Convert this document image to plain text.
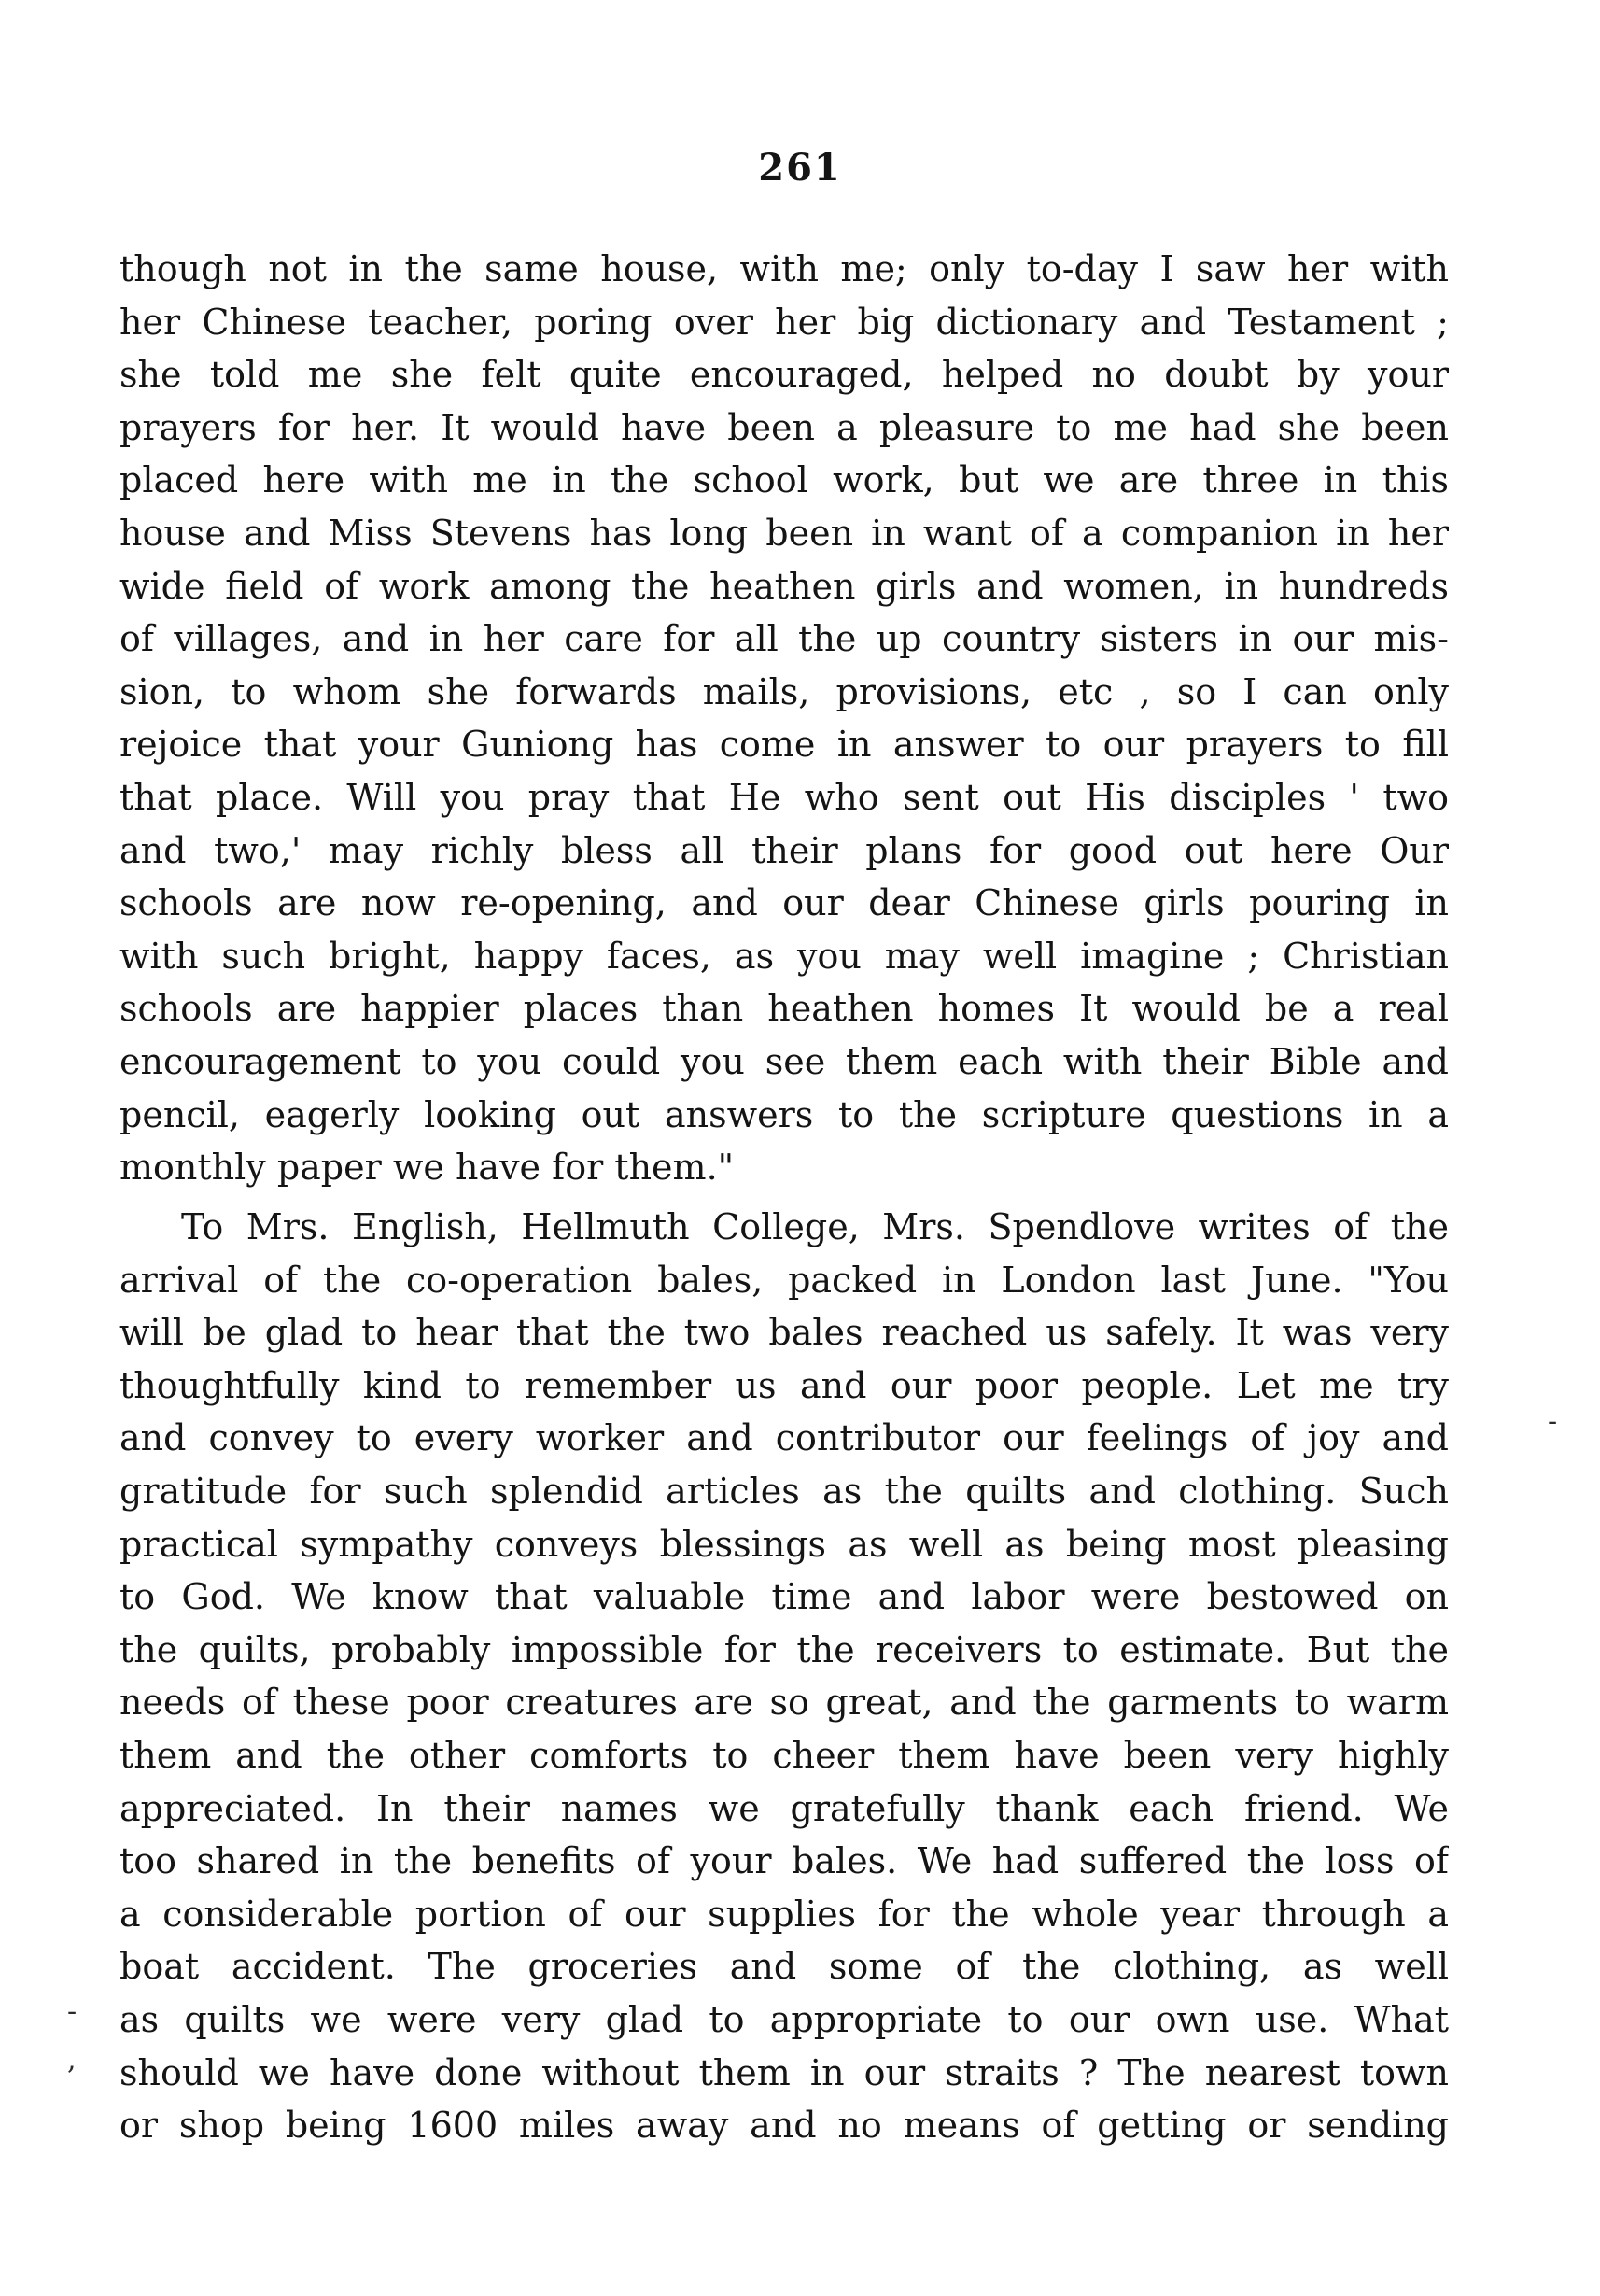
261
though not in the same house, with me; only to-day I saw her with
her Chinese teacher, poring over her big dictionary and Testament ;
she told me she felt quite encouraged, helped no doubt by your
prayers for her. It would have been a pleasure to me had she been
placed here with me in the school work, but we are three in this
house and Miss Stevens has long been in want of a companion in her
wide field of work among the heathen girls and women, in hundreds
of villages, and in her care for all the up country sisters in our mis-
sion, to whom she forwards mails, provisions, etc , so I can only
rejoice that your Guniong has come in answer to our prayers to fill
that place. Will you pray that He who sent out His disciples ' two
and two,' may richly bless all their plans for good out here Our
schools are now re-opening, and our dear Chinese girls pouring in
with such bright, happy faces, as you may well imagine ; Christian
schools are happier places than heathen homes It would be a real
encouragement to you could you see them each with their Bible and
pencil, eagerly looking out answers to the scripture questions in a
monthly paper we have for them."
To Mrs. English, Hellmuth College, Mrs. Spendlove writes of the
arrival of the co-operation bales, packed in London last June. "You
will be glad to hear that the two bales reached us safely. It was very
thoughtfully kind to remember us and our poor people. Let me try
and convey to every worker and contributor our feelings of joy and
gratitude for such splendid articles as the quilts and clothing. Such
practical sympathy conveys blessings as well as being most pleasing
to God. We know that valuable time and labor were bestowed on
the quilts, probably impossible for the receivers to estimate. But the
needs of these poor creatures are so great, and the garments to warm
them and the other comforts to cheer them have been very highly
appreciated. In their names we gratefully thank each friend. We
too shared in the benefits of your bales. We had suffered the loss of
a considerable portion of our supplies for the whole year through a
boat accident. The groceries and some of the clothing, as well
as quilts we were very glad to appropriate to our own use. What
should we have done without them in our straits ? The nearest town
or shop being 1600 miles away and no means of getting or sending
-
-
,
